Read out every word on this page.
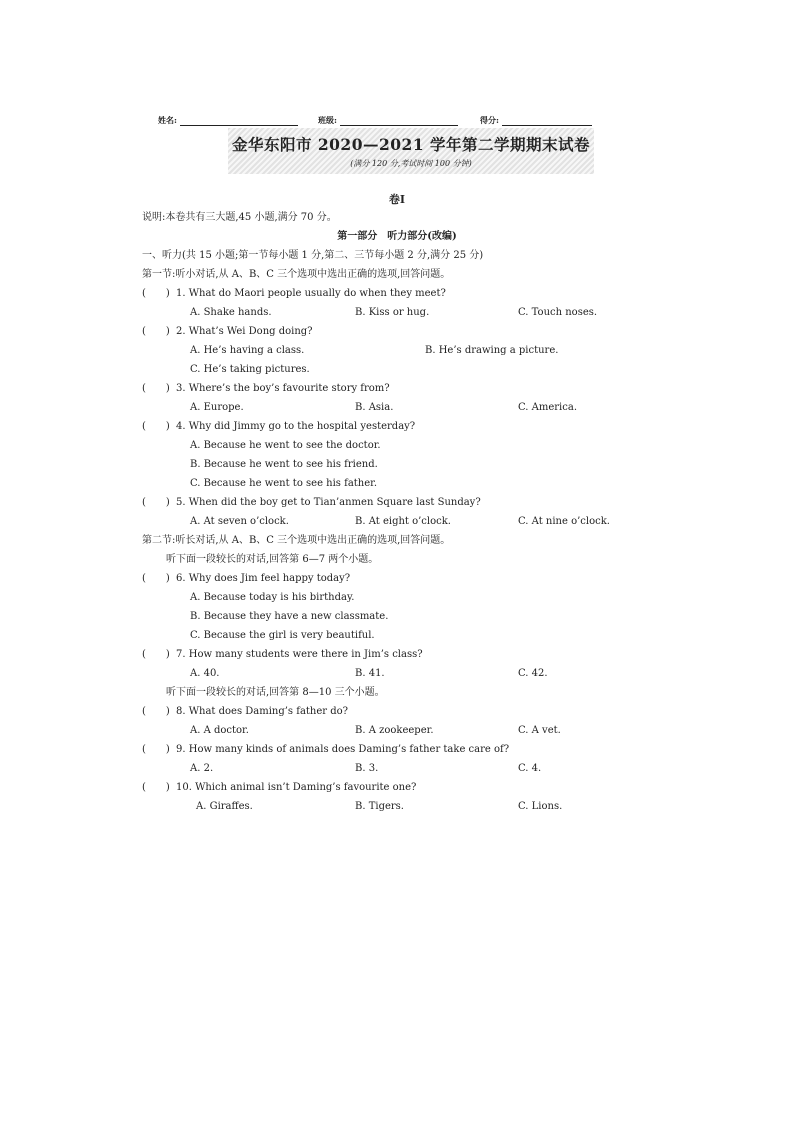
姓名:	班级:	得分:
金华东阳市 2020—2021 学年第二学期期末试卷
(满分 120 分,考试时间 100 分钟)
卷Ⅰ
说明:本卷共有三大题,45 小题,满分 70 分。
第一部分　听力部分(改编)
一、听力(共 15 小题;第一节每小题 1 分,第二、三节每小题 2 分,满分 25 分)
第一节:听小对话,从 A、B、C 三个选项中选出正确的选项,回答问题。
(　　) 1. What do Maori people usually do when they meet?
A. Shake hands.	B. Kiss or hug.	C. Touch noses.
(　　) 2. What’s Wei Dong doing?
A. He’s having a class.	B. He’s drawing a picture.
C. He’s taking pictures.
(　　) 3. Where’s the boy’s favourite story from?
A. Europe.	B. Asia.	C. America.
(　　) 4. Why did Jimmy go to the hospital yesterday?
A. Because he went to see the doctor.
B. Because he went to see his friend.
C. Because he went to see his father.
(　　) 5. When did the boy get to Tian’anmen Square last Sunday?
A. At seven o’clock.	B. At eight o’clock.	C. At nine o’clock.
第二节:听长对话,从 A、B、C 三个选项中选出正确的选项,回答问题。
听下面一段较长的对话,回答第 6—7 两个小题。
(　　) 6. Why does Jim feel happy today?
A. Because today is his birthday.
B. Because they have a new classmate.
C. Because the girl is very beautiful.
(　　) 7. How many students were there in Jim’s class?
A. 40.	B. 41.	C. 42.
听下面一段较长的对话,回答第 8—10 三个小题。
(　　) 8. What does Daming’s father do?
A. A doctor.	B. A zookeeper.	C. A vet.
(　　) 9. How many kinds of animals does Daming’s father take care of?
A. 2.	B. 3.	C. 4.
(　　) 10. Which animal isn’t Daming’s favourite one?
A. Giraffes.	B. Tigers.	C. Lions.
